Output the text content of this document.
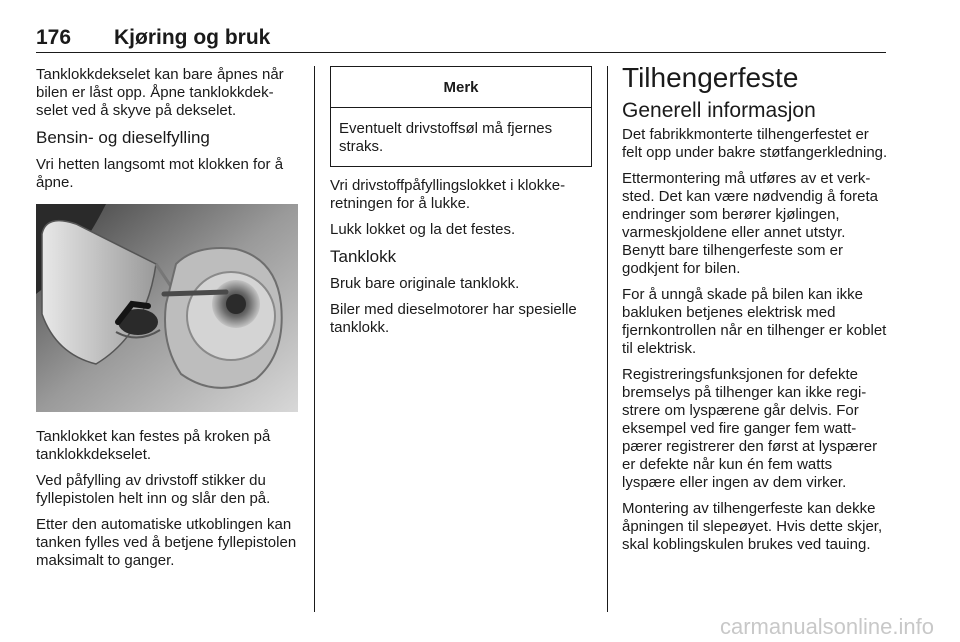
176 Kjøring og bruk

Tanklokkdekselet kan bare åpnes når bilen er låst opp. Åpne tanklokkdekselet ved å skyve på dekselet.

Bensin- og dieselfylling

Vri hetten langsomt mot klokken for å åpne.

Tanklokket kan festes på kroken på tanklokkdekselet.

Ved påfylling av drivstoff stikker du fyllepistolen helt inn og slår den på.

Etter den automatiske utkoblingen kan tanken fylles ved å betjene fyllepistolen maksimalt to ganger.

Merk
Eventuelt drivstoffsøl må fjernes straks.

Vri drivstoffpåfyllingslokket i klokkeretningen for å lukke.

Lukk lokket og la det festes.

Tanklokk

Bruk bare originale tanklokk.

Biler med dieselmotorer har spesielle tanklokk.

Tilhengerfeste
Generell informasjon

Det fabrikkmonterte tilhengerfestet er felt opp under bakre støtfangerkledning.

Ettermontering må utføres av et verksted. Det kan være nødvendig å foreta endringer som berører kjølingen, varmeskjoldene eller annet utstyr. Benytt bare tilhengerfeste som er godkjent for bilen.

For å unngå skade på bilen kan ikke bakluken betjenes elektrisk med fjernkontrollen når en tilhenger er koblet til elektrisk.

Registreringsfunksjonen for defekte bremselys på tilhenger kan ikke registrere om lyspærene går delvis. For eksempel ved fire ganger fem wattpærer registrerer den først at lyspærer er defekte når kun én fem watts lyspære eller ingen av dem virker.

Montering av tilhengerfeste kan dekke åpningen til slepeøyet. Hvis dette skjer, skal koblingskulen brukes ved tauing.

carmanualsonline.info
